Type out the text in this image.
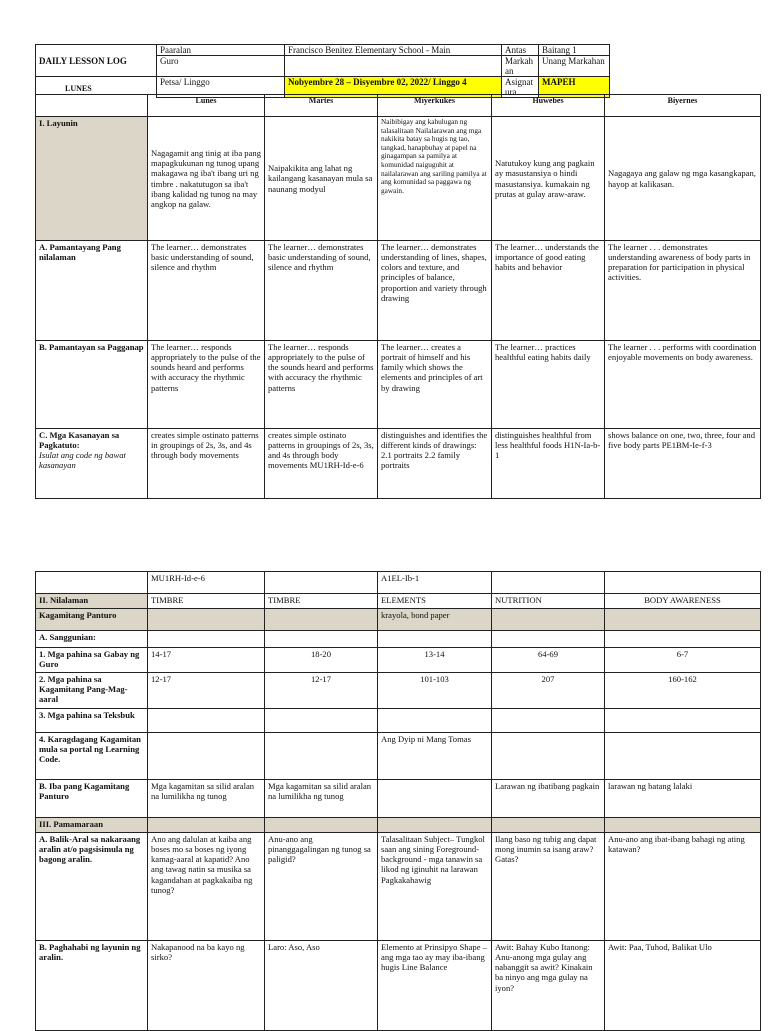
DAILY LESSON LOG	Paaralan	Francisco Benitez Elementary School - Main	Antas	Baitang 1
	Guro		Markahan	Unang Markahan
	Petsa/ Linggo	Nobyembre 28 – Disyembre 02, 2022/ Linggo 4	Asignatura	MAPEH
LUNES
	Lunes	Martes	Miyerkukes	Huwebes	Biyernes
I. Layunin	Nagagamit ang tinig at iba pang mapagkukunan ng tunog upang makagawa ng iba't ibang uri ng timbre . nakatutugon sa iba't ibang kalidad ng tunog na may angkop na galaw.	Naipakikita ang lahat ng kailangang kasanayan mula sa naunang modyul	Naibibigay ang kahulugan ng talasalitaan Nailalarawan ang mga nakikita batay sa hugis ng tao, tangkad, hanapbuhay at papel na ginagampan sa pamilya at komunidad naiguguhit at nailalarawan ang sariling pamilya at ang komunidad sa paggawa ng gawain.	Natutukoy kung ang pagkain ay masustansiya o hindi masustansiya. kumakain ng prutas at gulay araw-araw.	Nagagaya ang galaw ng mga kasangkapan, hayop at kalikasan.
A. Pamantayang Pang nilalaman	The learner… demonstrates basic understanding of sound, silence and rhythm	The learner… demonstrates basic understanding of sound, silence and rhythm	The learner… demonstrates understanding of lines, shapes, colors and texture, and principles of balance, proportion and variety through drawing	The learner… understands the importance of good eating habits and behavior	The learner . . . demonstrates understanding awareness of body parts in preparation for participation in physical activities.
B. Pamantayan sa Pagganap	The learner… responds appropriately to the pulse of the sounds heard and performs with accuracy the rhythmic patterns	The learner… responds appropriately to the pulse of the sounds heard and performs with accuracy the rhythmic patterns	The learner… creates a portrait of himself and his family which shows the elements and principles of art by drawing	The learner… practices healthful eating habits daily	The learner . . . performs with coordination enjoyable movements on body awareness.
C. Mga Kasanayan sa Pagkatuto:
Isulat ang code ng bawat kasanayan	creates simple ostinato patterns in groupings of 2s, 3s, and 4s through body movements	creates simple ostinato patterns in groupings of 2s, 3s, and 4s through body movements MU1RH-Id-e-6	distinguishes and identifies the different kinds of drawings: 2.1 portraits 2.2 family portraits	distinguishes healthful from less healthful foods H1N-Ia-b-1	shows balance on one, two, three, four and five body parts PE1BM-Ie-f-3
	MU1RH-Id-e-6		A1EL-Ib-1		
II. Nilalaman	TIMBRE	TIMBRE	ELEMENTS	NUTRITION	BODY AWARENESS
Kagamitang Panturo			krayola, bond paper		
A. Sanggunian:					
1. Mga pahina sa Gabay ng Guro	14-17	18-20	13-14	64-69	6-7
2. Mga pahina sa Kagamitang Pang-Mag-aaral	12-17	12-17	101-103	207	160-162
3. Mga pahina sa Teksbuk					
4. Karagdagang Kagamitan mula sa portal ng Learning Code.			Ang Dyip ni Mang Tomas		
B. Iba pang Kagamitang Panturo	Mga kagamitan sa silid aralan na lumilikha ng tunog	Mga kagamitan sa silid aralan na lumilikha ng tunog		Larawan ng ibatibang pagkain	larawan ng batang lalaki
III. Pamamaraan					
A. Balik-Aral sa nakaraang aralin at/o pagsisimula ng bagong aralin.	Ano ang dalulan at kaiba ang boses mo sa boses ng iyong kamag-aaral at kapatid? Ano ang tawag natin sa musika sa kagandahan at pagkakaiba ng tunog?	Anu-ano ang pinanggagalingan ng tunog sa paligid?	Talasalitaan Subject– Tungkol saan ang sining Foreground- background - mga tanawin sa likod ng iginuhit na larawan Pagkakahawig	Ilang baso ng tubig ang dapat mong inumin sa isang araw? Gatas?	Anu-ano ang ibat-ibang bahagi ng ating katawan?
B. Paghahabi ng layunin ng aralin.	Nakapanood na ba kayo ng sirko?	Laro: Aso, Aso	Elemento at Prinsipyo Shape – ang mga tao ay may iba-ibang hugis Line Balance	Awit: Bahay Kubo Itanong: Anu-anong mga gulay ang nabanggit sa awit? Kinakain ba ninyo ang mga gulay na iyon?	Awit: Paa, Tuhod, Balikat Ulo
